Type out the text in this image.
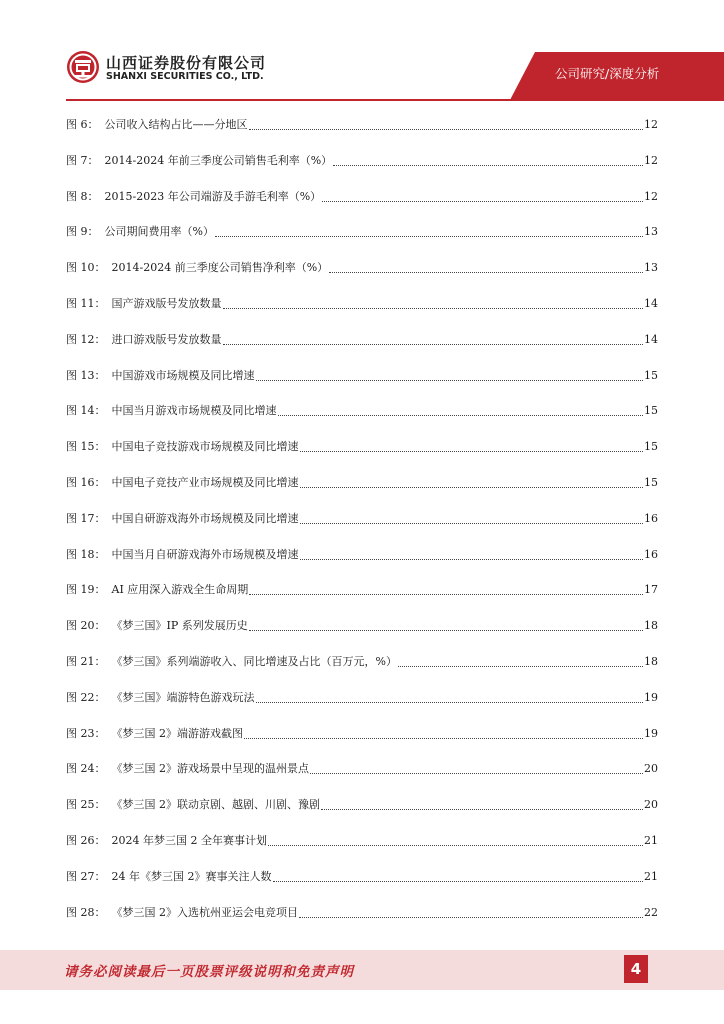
山西证券股份有限公司
SHANXI SECURITIES CO., LTD.	公司研究/深度分析
图 6： 公司收入结构占比——分地区	12
图 7： 2014-2024 年前三季度公司销售毛利率（%）	12
图 8： 2015-2023 年公司端游及手游毛利率（%）	12
图 9： 公司期间费用率（%）	13
图 10： 2014-2024 前三季度公司销售净利率（%）	13
图 11： 国产游戏版号发放数量	14
图 12： 进口游戏版号发放数量	14
图 13： 中国游戏市场规模及同比增速	15
图 14： 中国当月游戏市场规模及同比增速	15
图 15： 中国电子竞技游戏市场规模及同比增速	15
图 16： 中国电子竞技产业市场规模及同比增速	15
图 17： 中国自研游戏海外市场规模及同比增速	16
图 18： 中国当月自研游戏海外市场规模及增速	16
图 19： AI 应用深入游戏全生命周期	17
图 20： 《梦三国》IP 系列发展历史	18
图 21： 《梦三国》系列端游收入、同比增速及占比（百万元，%）	18
图 22： 《梦三国》端游特色游戏玩法	19
图 23： 《梦三国 2》端游游戏截图	19
图 24： 《梦三国 2》游戏场景中呈现的温州景点	20
图 25： 《梦三国 2》联动京剧、越剧、川剧、豫剧	20
图 26： 2024 年梦三国 2 全年赛事计划	21
图 27： 24 年《梦三国 2》赛事关注人数	21
图 28： 《梦三国 2》入选杭州亚运会电竞项目	22
请务必阅读最后一页股票评级说明和免责声明	4
